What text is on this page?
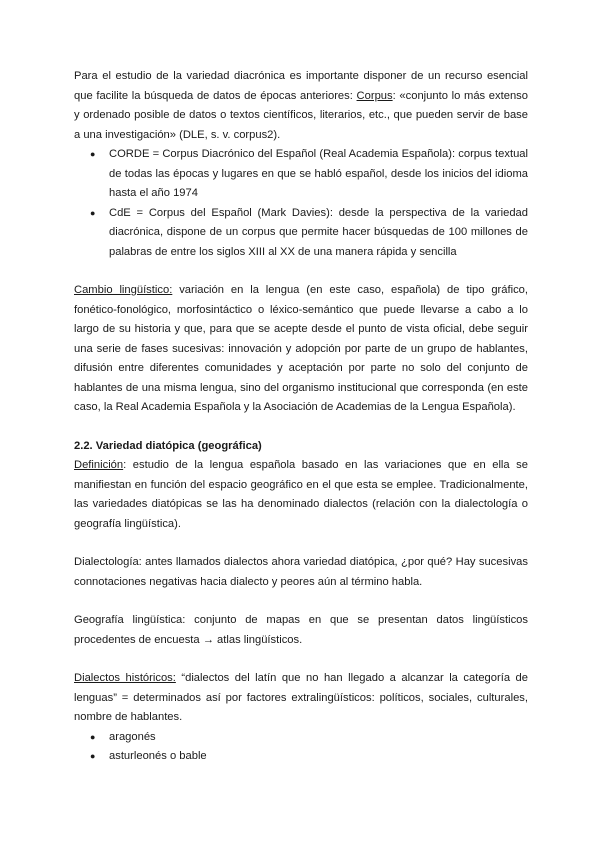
Para el estudio de la variedad diacrónica es importante disponer de un recurso esencial que facilite la búsqueda de datos de épocas anteriores: Corpus: «conjunto lo más extenso y ordenado posible de datos o textos científicos, literarios, etc., que pueden servir de base a una investigación» (DLE, s. v. corpus2).

● CORDE = Corpus Diacrónico del Español (Real Academia Española): corpus textual de todas las épocas y lugares en que se habló español, desde los inicios del idioma hasta el año 1974
● CdE = Corpus del Español (Mark Davies): desde la perspectiva de la variedad diacrónica, dispone de un corpus que permite hacer búsquedas de 100 millones de palabras de entre los siglos XIII al XX de una manera rápida y sencilla

Cambio lingüístico: variación en la lengua (en este caso, española) de tipo gráfico, fonético-fonológico, morfosintáctico o léxico-semántico que puede llevarse a cabo a lo largo de su historia y que, para que se acepte desde el punto de vista oficial, debe seguir una serie de fases sucesivas: innovación y adopción por parte de un grupo de hablantes, difusión entre diferentes comunidades y aceptación por parte no solo del conjunto de hablantes de una misma lengua, sino del organismo institucional que corresponda (en este caso, la Real Academia Española y la Asociación de Academias de la Lengua Española).

2.2. Variedad diatópica (geográfica)

Definición: estudio de la lengua española basado en las variaciones que en ella se manifiestan en función del espacio geográfico en el que esta se emplee. Tradicionalmente, las variedades diatópicas se las ha denominado dialectos (relación con la dialectología o geografía lingüística).

Dialectología: antes llamados dialectos ahora variedad diatópica, ¿por qué? Hay sucesivas connotaciones negativas hacia dialecto y peores aún al término habla.

Geografía lingüística: conjunto de mapas en que se presentan datos lingüísticos procedentes de encuesta → atlas lingüísticos.

Dialectos históricos: “dialectos del latín que no han llegado a alcanzar la categoría de lenguas” = determinados así por factores extralingüísticos: políticos, sociales, culturales, nombre de hablantes.

● aragonés
● asturleonés o bable
